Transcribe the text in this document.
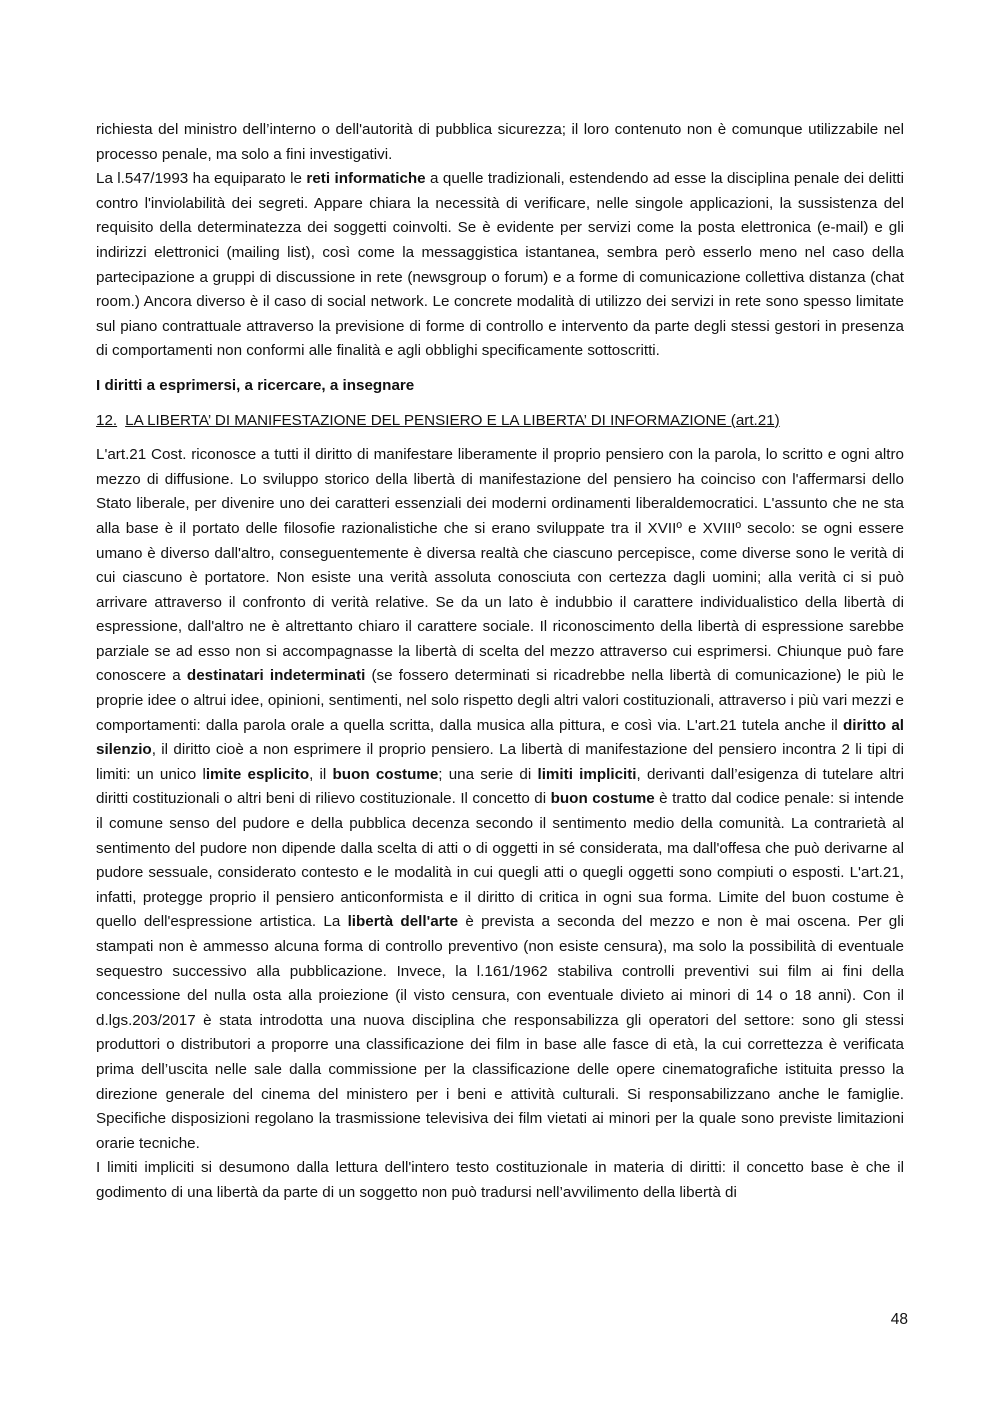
richiesta del ministro dell’interno o dell'autorità di pubblica sicurezza; il loro contenuto non è comunque utilizzabile nel processo penale, ma solo a fini investigativi.

La l.547/1993 ha equiparato le reti informatiche a quelle tradizionali, estendendo ad esse la disciplina penale dei delitti contro l'inviolabilità dei segreti. Appare chiara la necessità di verificare, nelle singole applicazioni, la sussistenza del requisito della determinatezza dei soggetti coinvolti. Se è evidente per servizi come la posta elettronica (e-mail) e gli indirizzi elettronici (mailing list), così come la messaggistica istantanea, sembra però esserlo meno nel caso della partecipazione a gruppi di discussione in rete (newsgroup o forum) e a forme di comunicazione collettiva distanza (chat room.) Ancora diverso è il caso di social network. Le concrete modalità di utilizzo dei servizi in rete sono spesso limitate sul piano contrattuale attraverso la previsione di forme di controllo e intervento da parte degli stessi gestori in presenza di comportamenti non conformi alle finalità e agli obblighi specificamente sottoscritti.

I diritti a esprimersi, a ricercare, a insegnare

12. LA LIBERTA’ DI MANIFESTAZIONE DEL PENSIERO E LA LIBERTA’ DI INFORMAZIONE (art.21)

L'art.21 Cost. riconosce a tutti il diritto di manifestare liberamente il proprio pensiero con la parola, lo scritto e ogni altro mezzo di diffusione. Lo sviluppo storico della libertà di manifestazione del pensiero ha coinciso con l'affermarsi dello Stato liberale, per divenire uno dei caratteri essenziali dei moderni ordinamenti liberaldemocratici. L'assunto che ne sta alla base è il portato delle filosofie razionalistiche che si erano sviluppate tra il XVIIº e XVIIIº secolo: se ogni essere umano è diverso dall'altro, conseguentemente è diversa realtà che ciascuno percepisce, come diverse sono le verità di cui ciascuno è portatore. Non esiste una verità assoluta conosciuta con certezza dagli uomini; alla verità ci si può arrivare attraverso il confronto di verità relative. Se da un lato è indubbio il carattere individualistico della libertà di espressione, dall'altro ne è altrettanto chiaro il carattere sociale. Il riconoscimento della libertà di espressione sarebbe parziale se ad esso non si accompagnasse la libertà di scelta del mezzo attraverso cui esprimersi. Chiunque può fare conoscere a destinatari indeterminati (se fossero determinati si ricadrebbe nella libertà di comunicazione) le più le proprie idee o altrui idee, opinioni, sentimenti, nel solo rispetto degli altri valori costituzionali, attraverso i più vari mezzi e comportamenti: dalla parola orale a quella scritta, dalla musica alla pittura, e così via. L'art.21 tutela anche il diritto al silenzio, il diritto cioè a non esprimere il proprio pensiero. La libertà di manifestazione del pensiero incontra 2 li tipi di limiti: un unico limite esplicito, il buon costume; una serie di limiti impliciti, derivanti dall’esigenza di tutelare altri diritti costituzionali o altri beni di rilievo costituzionale. Il concetto di buon costume è tratto dal codice penale: si intende il comune senso del pudore e della pubblica decenza secondo il sentimento medio della comunità. La contrarietà al sentimento del pudore non dipende dalla scelta di atti o di oggetti in sé considerata, ma dall'offesa che può derivarne al pudore sessuale, considerato contesto e le modalità in cui quegli atti o quegli oggetti sono compiuti o esposti. L'art.21, infatti, protegge proprio il pensiero anticonformista e il diritto di critica in ogni sua forma. Limite del buon costume è quello dell'espressione artistica. La libertà dell'arte è prevista a seconda del mezzo e non è mai oscena. Per gli stampati non è ammesso alcuna forma di controllo preventivo (non esiste censura), ma solo la possibilità di eventuale sequestro successivo alla pubblicazione. Invece, la l.161/1962 stabiliva controlli preventivi sui film ai fini della concessione del nulla osta alla proiezione (il visto censura, con eventuale divieto ai minori di 14 o 18 anni). Con il d.lgs.203/2017 è stata introdotta una nuova disciplina che responsabilizza gli operatori del settore: sono gli stessi produttori o distributori a proporre una classificazione dei film in base alle fasce di età, la cui correttezza è verificata prima dell’uscita nelle sale dalla commissione per la classificazione delle opere cinematografiche istituita presso la direzione generale del cinema del ministero per i beni e attività culturali. Si responsabilizzano anche le famiglie. Specifiche disposizioni regolano la trasmissione televisiva dei film vietati ai minori per la quale sono previste limitazioni orarie tecniche.

I limiti impliciti si desumono dalla lettura dell'intero testo costituzionale in materia di diritti: il concetto base è che il godimento di una libertà da parte di un soggetto non può tradursi nell’avvilimento della libertà di

48
